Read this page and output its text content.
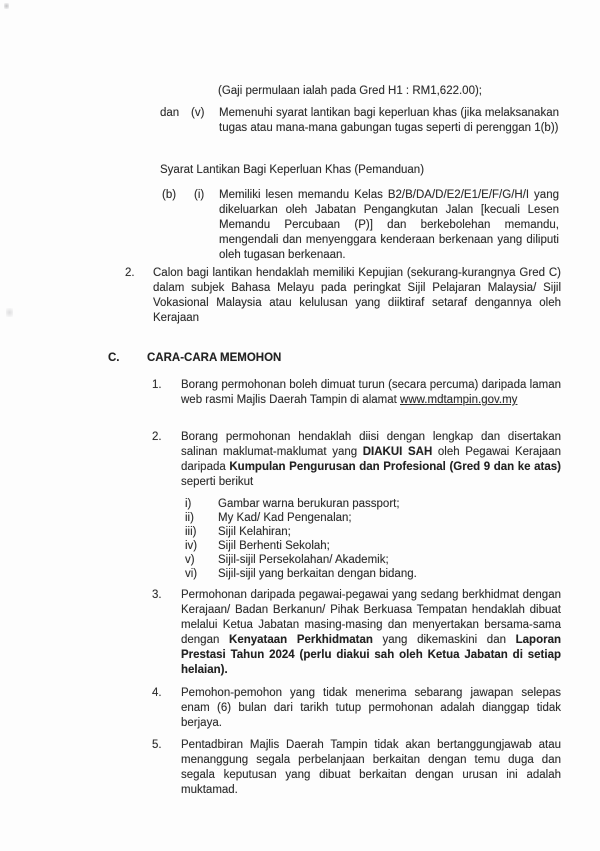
(Gaji permulaan ialah pada Gred H1 : RM1,622.00);
dan (v) Memenuhi syarat lantikan bagi keperluan khas (jika melaksanakan tugas atau mana-mana gabungan tugas seperti di perenggan 1(b))
Syarat Lantikan Bagi Keperluan Khas (Pemanduan)
(b) (i) Memiliki lesen memandu Kelas B2/B/DA/D/E2/E1/E/F/G/H/I yang dikeluarkan oleh Jabatan Pengangkutan Jalan [kecuali Lesen Memandu Percubaan (P)] dan berkebolehan memandu, mengendali dan menyenggara kenderaan berkenaan yang diliputi oleh tugasan berkenaan.
2. Calon bagi lantikan hendaklah memiliki Kepujian (sekurang-kurangnya Gred C) dalam subjek Bahasa Melayu pada peringkat Sijil Pelajaran Malaysia/ Sijil Vokasional Malaysia atau kelulusan yang diiktiraf setaraf dengannya oleh Kerajaan
C. CARA-CARA MEMOHON
1. Borang permohonan boleh dimuat turun (secara percuma) daripada laman web rasmi Majlis Daerah Tampin di alamat www.mdtampin.gov.my
2. Borang permohonan hendaklah diisi dengan lengkap dan disertakan salinan maklumat-maklumat yang DIAKUI SAH oleh Pegawai Kerajaan daripada Kumpulan Pengurusan dan Profesional (Gred 9 dan ke atas) seperti berikut
i) Gambar warna berukuran passport;
ii) My Kad/ Kad Pengenalan;
iii) Sijil Kelahiran;
iv) Sijil Berhenti Sekolah;
v) Sijil-sijil Persekolahan/ Akademik;
vi) Sijil-sijil yang berkaitan dengan bidang.
3. Permohonan daripada pegawai-pegawai yang sedang berkhidmat dengan Kerajaan/ Badan Berkanun/ Pihak Berkuasa Tempatan hendaklah dibuat melalui Ketua Jabatan masing-masing dan menyertakan bersama-sama dengan Kenyataan Perkhidmatan yang dikemaskini dan Laporan Prestasi Tahun 2024 (perlu diakui sah oleh Ketua Jabatan di setiap helaian).
4. Pemohon-pemohon yang tidak menerima sebarang jawapan selepas enam (6) bulan dari tarikh tutup permohonan adalah dianggap tidak berjaya.
5. Pentadbiran Majlis Daerah Tampin tidak akan bertanggungjawab atau menanggung segala perbelanjaan berkaitan dengan temu duga dan segala keputusan yang dibuat berkaitan dengan urusan ini adalah muktamad.
